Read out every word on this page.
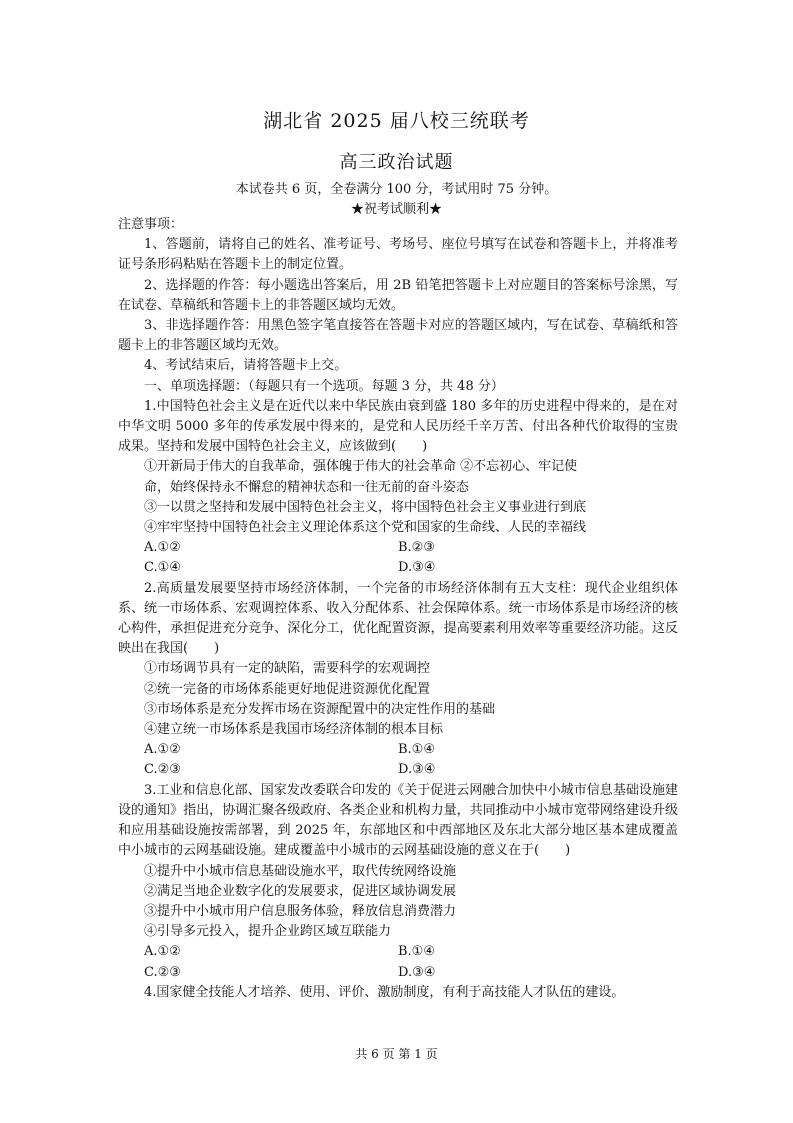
湖北省 2025 届八校三统联考
高三政治试题
本试卷共 6 页，全卷满分 100 分，考试用时 75 分钟。
★祝考试顺利★

注意事项：

1、答题前，请将自己的姓名、准考证号、考场号、座位号填写在试卷和答题卡上，并将准考证号条形码粘贴在答题卡上的制定位置。

2、选择题的作答：每小题选出答案后，用 2B 铅笔把答题卡上对应题目的答案标号涂黑，写在试卷、草稿纸和答题卡上的非答题区域均无效。

3、非选择题作答：用黑色签字笔直接答在答题卡对应的答题区域内，写在试卷、草稿纸和答题卡上的非答题区域均无效。

4、考试结束后，请将答题卡上交。

一、单项选择题：（每题只有一个选项。每题 3 分，共 48 分）

1.中国特色社会主义是在近代以来中华民族由衰到盛 180 多年的历史进程中得来的，是在对中华文明 5000 多年的传承发展中得来的，是党和人民历经千辛万苦、付出各种代价取得的宝贵成果。坚持和发展中国特色社会主义，应该做到(　　)

①开新局于伟大的自我革命，强体魄于伟大的社会革命 ②不忘初心、牢记使

命，始终保持永不懈怠的精神状态和一往无前的奋斗姿态

③一以贯之坚持和发展中国特色社会主义，将中国特色社会主义事业进行到底

④牢牢坚持中国特色社会主义理论体系这个党和国家的生命线、人民的幸福线

A.①②	B.②③
C.①④	D.③④

2.高质量发展要坚持市场经济体制，一个完备的市场经济体制有五大支柱：现代企业组织体系、统一市场体系、宏观调控体系、收入分配体系、社会保障体系。统一市场体系是市场经济的核心构件，承担促进充分竞争、深化分工，优化配置资源，提高要素利用效率等重要经济功能。这反映出在我国(　　)

①市场调节具有一定的缺陷，需要科学的宏观调控

②统一完备的市场体系能更好地促进资源优化配置

③市场体系是充分发挥市场在资源配置中的决定性作用的基础

④建立统一市场体系是我国市场经济体制的根本目标

A.①②	B.①④
C.②③	D.③④

3.工业和信息化部、国家发改委联合印发的《关于促进云网融合加快中小城市信息基础设施建设的通知》指出，协调汇聚各级政府、各类企业和机构力量，共同推动中小城市宽带网络建设升级和应用基础设施按需部署，到 2025 年，东部地区和中西部地区及东北大部分地区基本建成覆盖中小城市的云网基础设施。建成覆盖中小城市的云网基础设施的意义在于(　　)

①提升中小城市信息基础设施水平，取代传统网络设施

②满足当地企业数字化的发展要求，促进区域协调发展

③提升中小城市用户信息服务体验，释放信息消费潜力

④引导多元投入，提升企业跨区域互联能力

A.①②	B.①④
C.②③	D.③④

4.国家健全技能人才培养、使用、评价、激励制度，有利于高技能人才队伍的建设。

共 6 页 第 1 页
